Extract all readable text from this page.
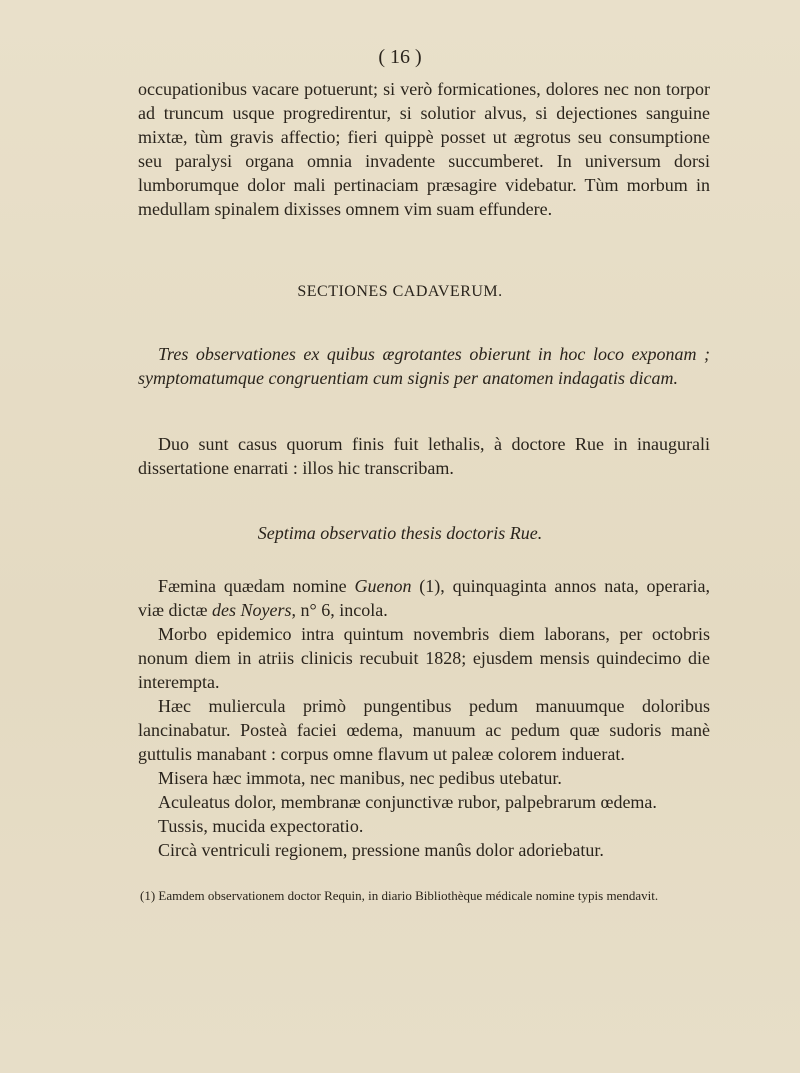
( 16 )

occupationibus vacare potuerunt; si verò formicationes, dolores nec non torpor ad truncum usque progredirentur, si solutior alvus, si dejectiones sanguine mixtæ, tùm gravis affectio; fieri quippè posset ut ægrotus seu consumptione seu paralysi organa omnia invadente succumberet. In universum dorsi lumborumque dolor mali pertinaciam præsagire videbatur. Tùm morbum in medullam spinalem dixisses omnem vim suam effundere.

SECTIONES CADAVERUM.

Tres observationes ex quibus ægrotantes obierunt in hoc loco exponam ; symptomatumque congruentiam cum signis per anatomen indagatis dicam.

Duo sunt casus quorum finis fuit lethalis, à doctore Rue in inaugurali dissertatione enarrati : illos hic transcribam.

Septima observatio thesis doctoris Rue.

Fæmina quædam nomine Guenon (1), quinquaginta annos nata, operaria, viæ dictæ des Noyers, n° 6, incola.

Morbo epidemico intra quintum novembris diem laborans, per octobris nonum diem in atriis clinicis recubuit 1828; ejusdem mensis quindecimo die interempta.

Hæc muliercula primò pungentibus pedum manuumque doloribus lancinabatur. Posteà faciei œdema, manuum ac pedum quæ sudoris manè guttulis manabant : corpus omne flavum ut paleæ colorem induerat.

Misera hæc immota, nec manibus, nec pedibus utebatur.

Aculeatus dolor, membranæ conjunctivæ rubor, palpebrarum œdema.

Tussis, mucida expectoratio.

Circà ventriculi regionem, pressione manûs dolor adoriebatur.

(1) Eamdem observationem doctor Requin, in diario Bibliothèque médicale nomine typis mendavit.
